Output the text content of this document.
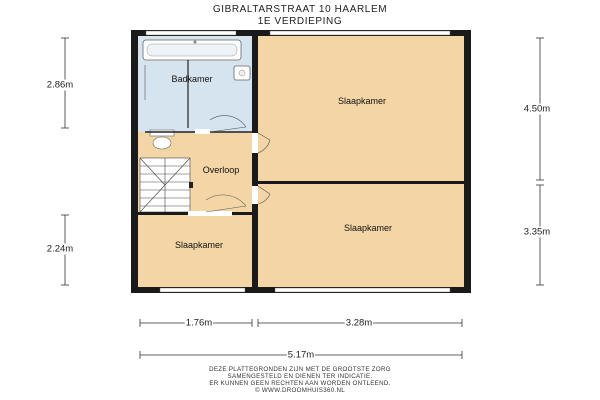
GIBRALTARSTRAAT 10 HAARLEM
1E VERDIEPING
Badkamer
Slaapkamer
Overloop
Slaapkamer
Slaapkamer
2.86m
2.24m
4.50m
3.35m
1.76m	3.28m
5.17m
DEZE PLATTEGRONDEN ZIJN MET DE GROOTSTE ZORG
SAMENGESTELD EN DIENEN TER INDICATIE.
ER KUNNEN GEEN RECHTEN AAN WORDEN ONTLEEND.
© WWW.DROOMHUIS360.NL
